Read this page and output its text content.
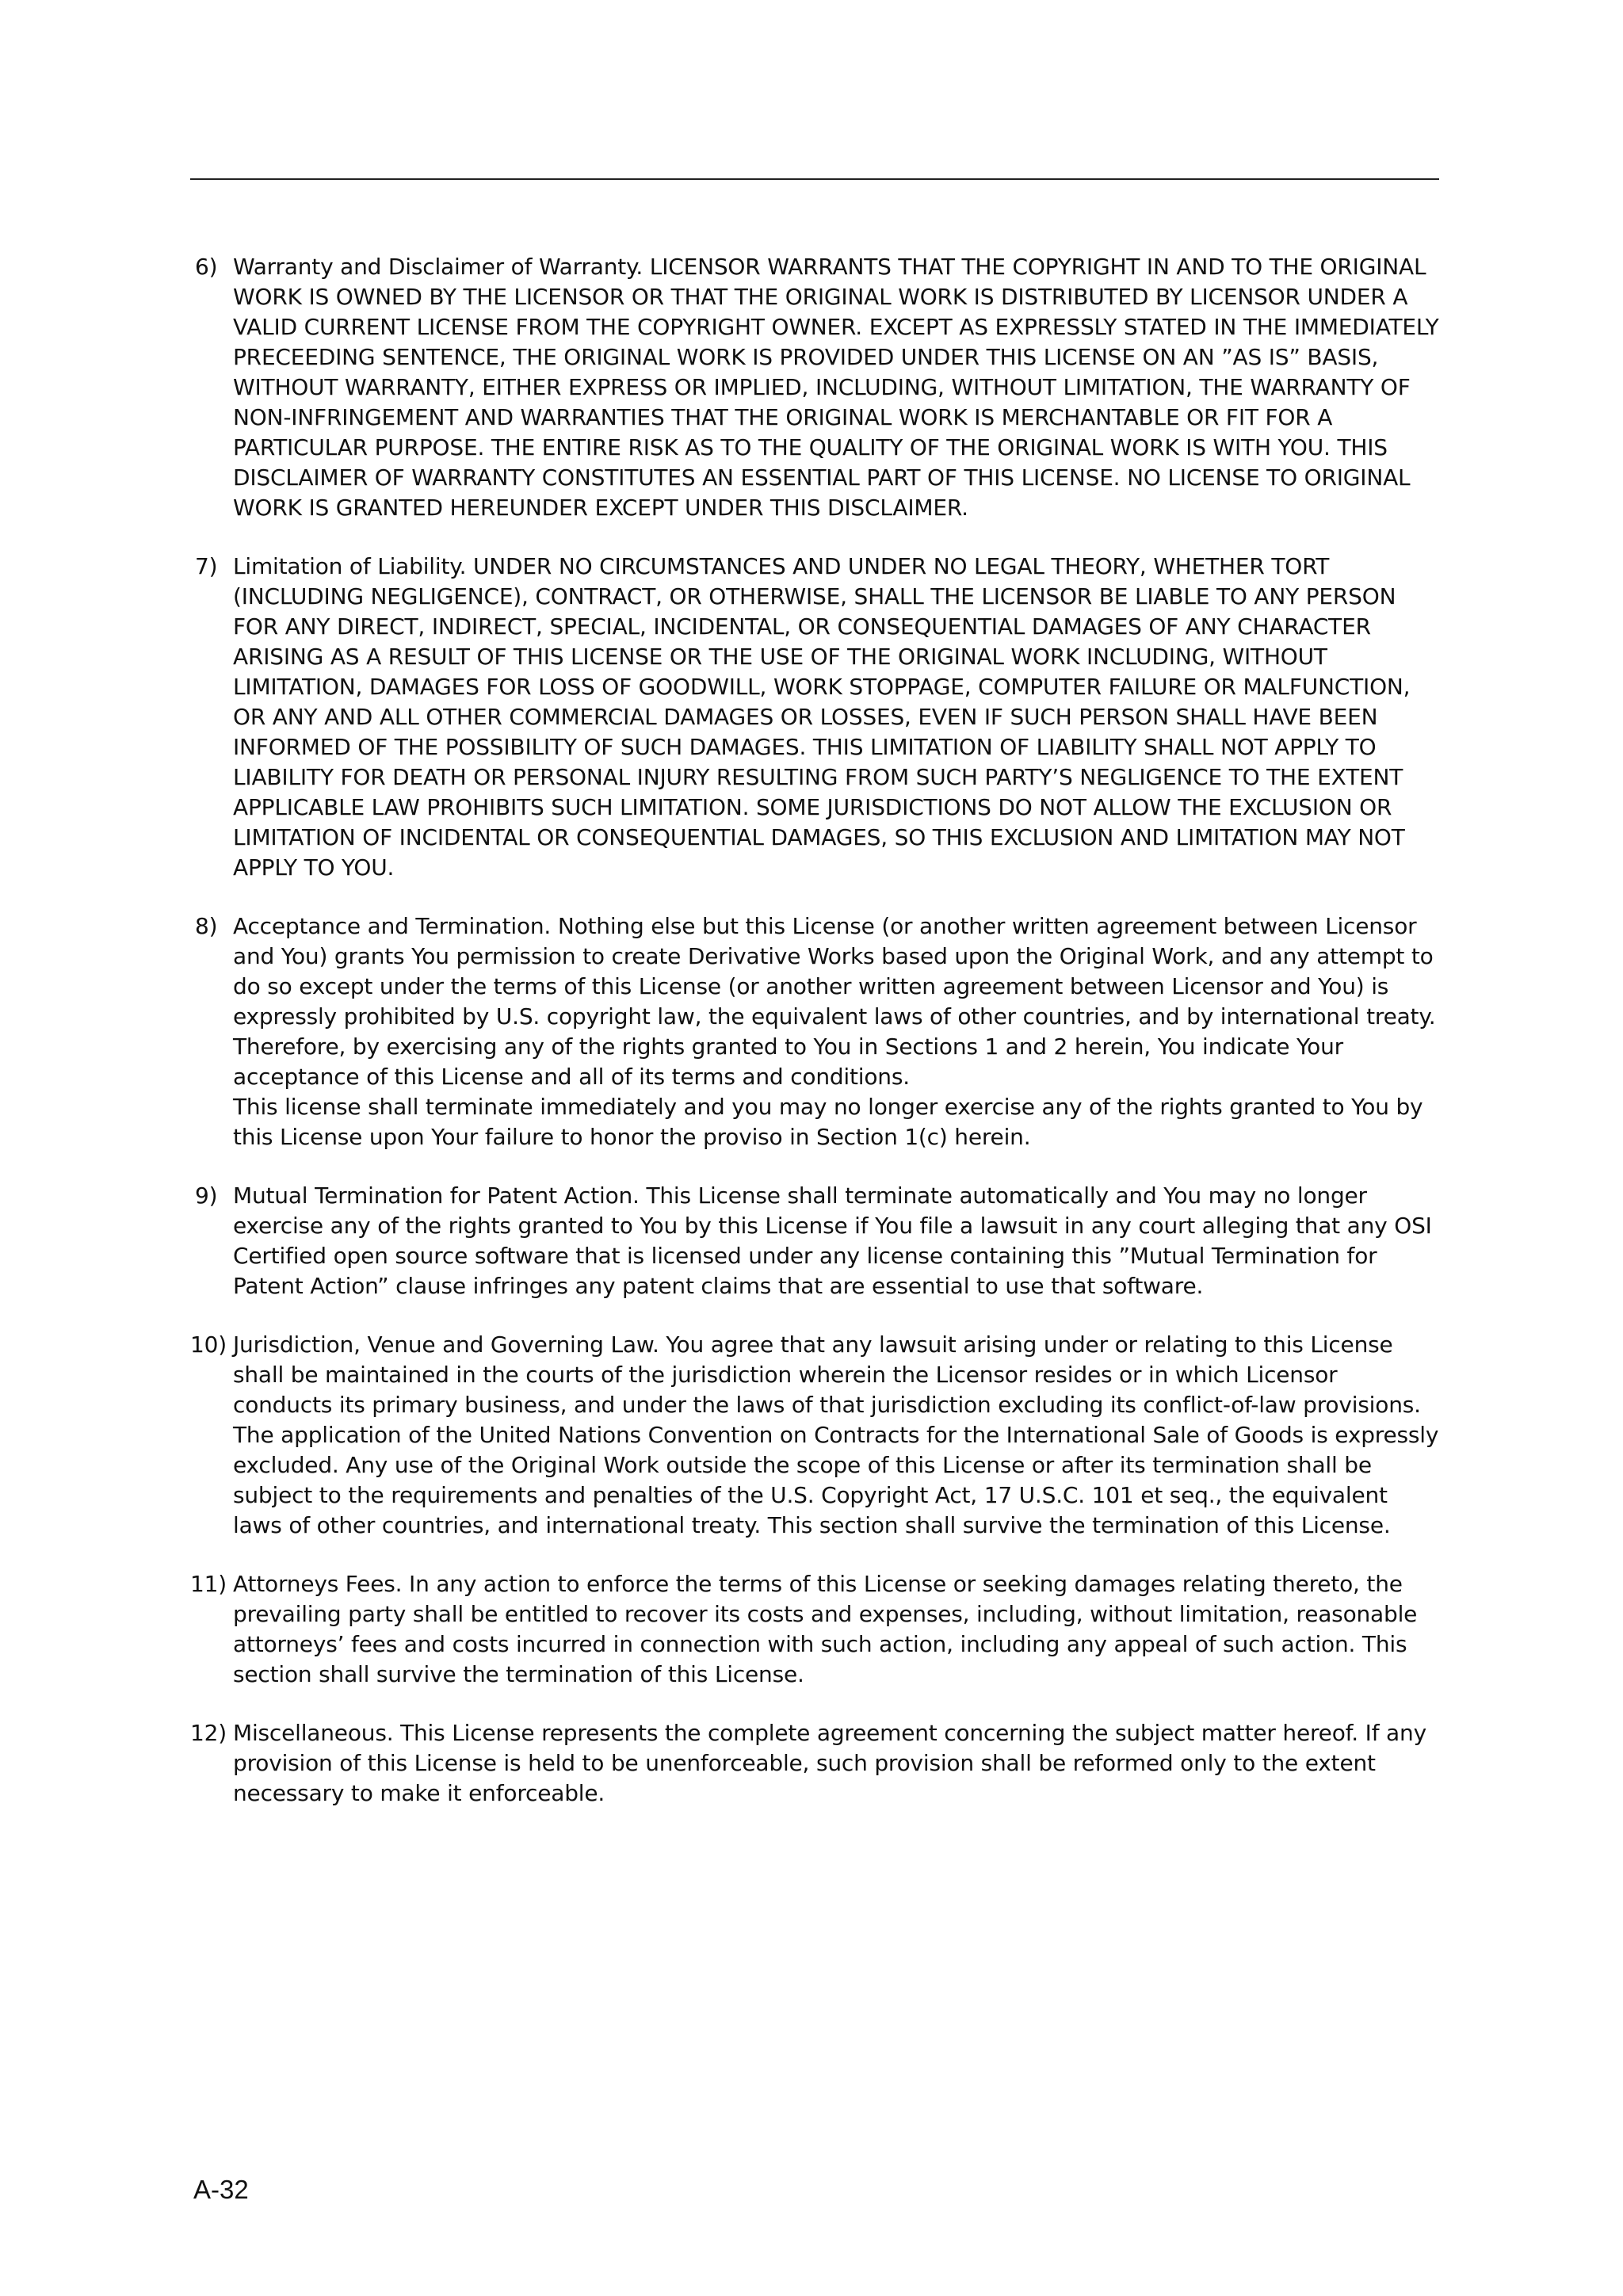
6) Warranty and Disclaimer of Warranty. LICENSOR WARRANTS THAT THE COPYRIGHT IN AND TO THE ORIGINAL WORK IS OWNED BY THE LICENSOR OR THAT THE ORIGINAL WORK IS DISTRIBUTED BY LICENSOR UNDER A VALID CURRENT LICENSE FROM THE COPYRIGHT OWNER. EXCEPT AS EXPRESSLY STATED IN THE IMMEDIATELY PRECEEDING SENTENCE, THE ORIGINAL WORK IS PROVIDED UNDER THIS LICENSE ON AN ”AS IS” BASIS, WITHOUT WARRANTY, EITHER EXPRESS OR IMPLIED, INCLUDING, WITHOUT LIMITATION, THE WARRANTY OF NON-INFRINGEMENT AND WARRANTIES THAT THE ORIGINAL WORK IS MERCHANTABLE OR FIT FOR A PARTICULAR PURPOSE. THE ENTIRE RISK AS TO THE QUALITY OF THE ORIGINAL WORK IS WITH YOU. THIS DISCLAIMER OF WARRANTY CONSTITUTES AN ESSENTIAL PART OF THIS LICENSE. NO LICENSE TO ORIGINAL WORK IS GRANTED HEREUNDER EXCEPT UNDER THIS DISCLAIMER.

7) Limitation of Liability. UNDER NO CIRCUMSTANCES AND UNDER NO LEGAL THEORY, WHETHER TORT (INCLUDING NEGLIGENCE), CONTRACT, OR OTHERWISE, SHALL THE LICENSOR BE LIABLE TO ANY PERSON FOR ANY DIRECT, INDIRECT, SPECIAL, INCIDENTAL, OR CONSEQUENTIAL DAMAGES OF ANY CHARACTER ARISING AS A RESULT OF THIS LICENSE OR THE USE OF THE ORIGINAL WORK INCLUDING, WITHOUT LIMITATION, DAMAGES FOR LOSS OF GOODWILL, WORK STOPPAGE, COMPUTER FAILURE OR MALFUNCTION, OR ANY AND ALL OTHER COMMERCIAL DAMAGES OR LOSSES, EVEN IF SUCH PERSON SHALL HAVE BEEN INFORMED OF THE POSSIBILITY OF SUCH DAMAGES. THIS LIMITATION OF LIABILITY SHALL NOT APPLY TO LIABILITY FOR DEATH OR PERSONAL INJURY RESULTING FROM SUCH PARTY’S NEGLIGENCE TO THE EXTENT APPLICABLE LAW PROHIBITS SUCH LIMITATION. SOME JURISDICTIONS DO NOT ALLOW THE EXCLUSION OR LIMITATION OF INCIDENTAL OR CONSEQUENTIAL DAMAGES, SO THIS EXCLUSION AND LIMITATION MAY NOT APPLY TO YOU.

8) Acceptance and Termination. Nothing else but this License (or another written agreement between Licensor and You) grants You permission to create Derivative Works based upon the Original Work, and any attempt to do so except under the terms of this License (or another written agreement between Licensor and You) is expressly prohibited by U.S. copyright law, the equivalent laws of other countries, and by international treaty. Therefore, by exercising any of the rights granted to You in Sections 1 and 2 herein, You indicate Your acceptance of this License and all of its terms and conditions.

This license shall terminate immediately and you may no longer exercise any of the rights granted to You by this License upon Your failure to honor the proviso in Section 1(c) herein.

9) Mutual Termination for Patent Action. This License shall terminate automatically and You may no longer exercise any of the rights granted to You by this License if You file a lawsuit in any court alleging that any OSI Certified open source software that is licensed under any license containing this ”Mutual Termination for Patent Action” clause infringes any patent claims that are essential to use that software.

10) Jurisdiction, Venue and Governing Law. You agree that any lawsuit arising under or relating to this License shall be maintained in the courts of the jurisdiction wherein the Licensor resides or in which Licensor conducts its primary business, and under the laws of that jurisdiction excluding its conflict-of-law provisions. The application of the United Nations Convention on Contracts for the International Sale of Goods is expressly excluded. Any use of the Original Work outside the scope of this License or after its termination shall be subject to the requirements and penalties of the U.S. Copyright Act, 17 U.S.C. 101 et seq., the equivalent laws of other countries, and international treaty. This section shall survive the termination of this License.

11) Attorneys Fees. In any action to enforce the terms of this License or seeking damages relating thereto, the prevailing party shall be entitled to recover its costs and expenses, including, without limitation, reasonable attorneys’ fees and costs incurred in connection with such action, including any appeal of such action. This section shall survive the termination of this License.

12) Miscellaneous. This License represents the complete agreement concerning the subject matter hereof. If any provision of this License is held to be unenforceable, such provision shall be reformed only to the extent necessary to make it enforceable.

A-32
